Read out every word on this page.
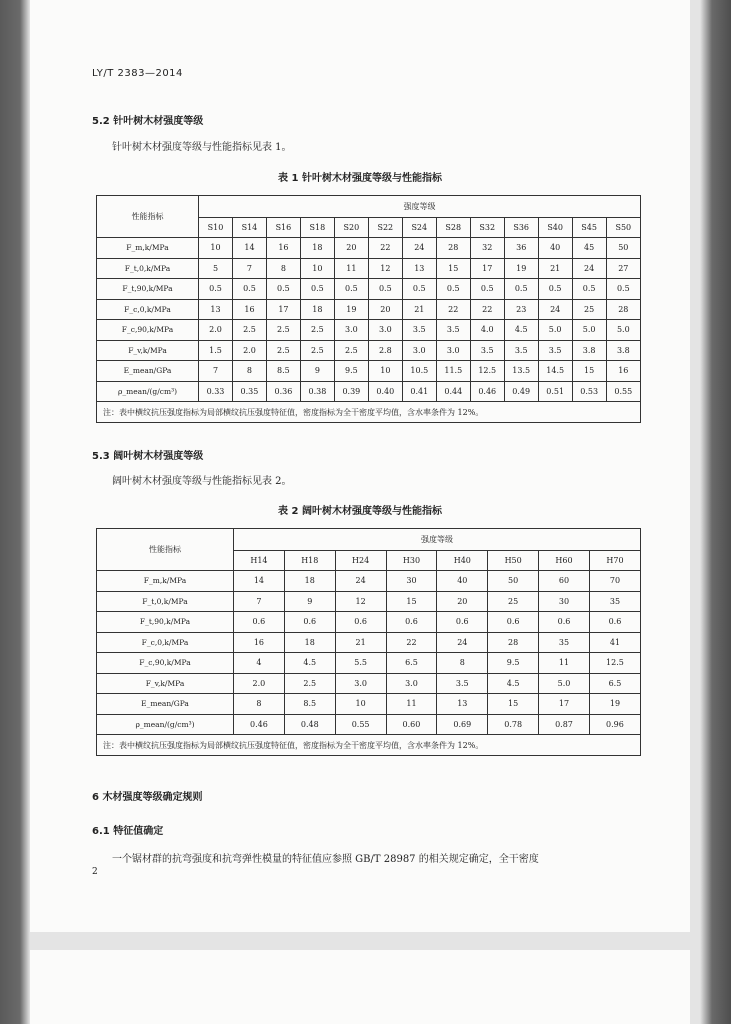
LY/T 2383—2014
5.2 针叶树木材强度等级
针叶树木材强度等级与性能指标见表 1。
表 1 针叶树木材强度等级与性能指标
性能指标	强度等级												
	S10	S14	S16	S18	S20	S22	S24	S28	S32	S36	S40	S45	S50
F_m,k/MPa	10	14	16	18	20	22	24	28	32	36	40	45	50
F_t,0,k/MPa	5	7	8	10	11	12	13	15	17	19	21	24	27
F_t,90,k/MPa	0.5	0.5	0.5	0.5	0.5	0.5	0.5	0.5	0.5	0.5	0.5	0.5	0.5
F_c,0,k/MPa	13	16	17	18	19	20	21	22	22	23	24	25	28
F_c,90,k/MPa	2.0	2.5	2.5	2.5	3.0	3.0	3.5	3.5	4.0	4.5	5.0	5.0	5.0
F_v,k/MPa	1.5	2.0	2.5	2.5	2.5	2.8	3.0	3.0	3.5	3.5	3.5	3.8	3.8
E_mean/GPa	7	8	8.5	9	9.5	10	10.5	11.5	12.5	13.5	14.5	15	16
ρ_mean/(g/cm³)	0.33	0.35	0.36	0.38	0.39	0.40	0.41	0.44	0.46	0.49	0.51	0.53	0.55
注：表中横纹抗压强度指标为局部横纹抗压强度特征值，密度指标为全干密度平均值，含水率条件为 12%。													
5.3 阔叶树木材强度等级
阔叶树木材强度等级与性能指标见表 2。
表 2 阔叶树木材强度等级与性能指标
性能指标	强度等级							
	H14	H18	H24	H30	H40	H50	H60	H70
F_m,k/MPa	14	18	24	30	40	50	60	70
F_t,0,k/MPa	7	9	12	15	20	25	30	35
F_t,90,k/MPa	0.6	0.6	0.6	0.6	0.6	0.6	0.6	0.6
F_c,0,k/MPa	16	18	21	22	24	28	35	41
F_c,90,k/MPa	4	4.5	5.5	6.5	8	9.5	11	12.5
F_v,k/MPa	2.0	2.5	3.0	3.0	3.5	4.5	5.0	6.5
E_mean/GPa	8	8.5	10	11	13	15	17	19
ρ_mean/(g/cm³)	0.46	0.48	0.55	0.60	0.69	0.78	0.87	0.96
注：表中横纹抗压强度指标为局部横纹抗压强度特征值，密度指标为全干密度平均值，含水率条件为 12%。								
6 木材强度等级确定规则
6.1 特征值确定
一个锯材群的抗弯强度和抗弯弹性模量的特征值应参照 GB/T 28987 的相关规定确定，全干密度
2
